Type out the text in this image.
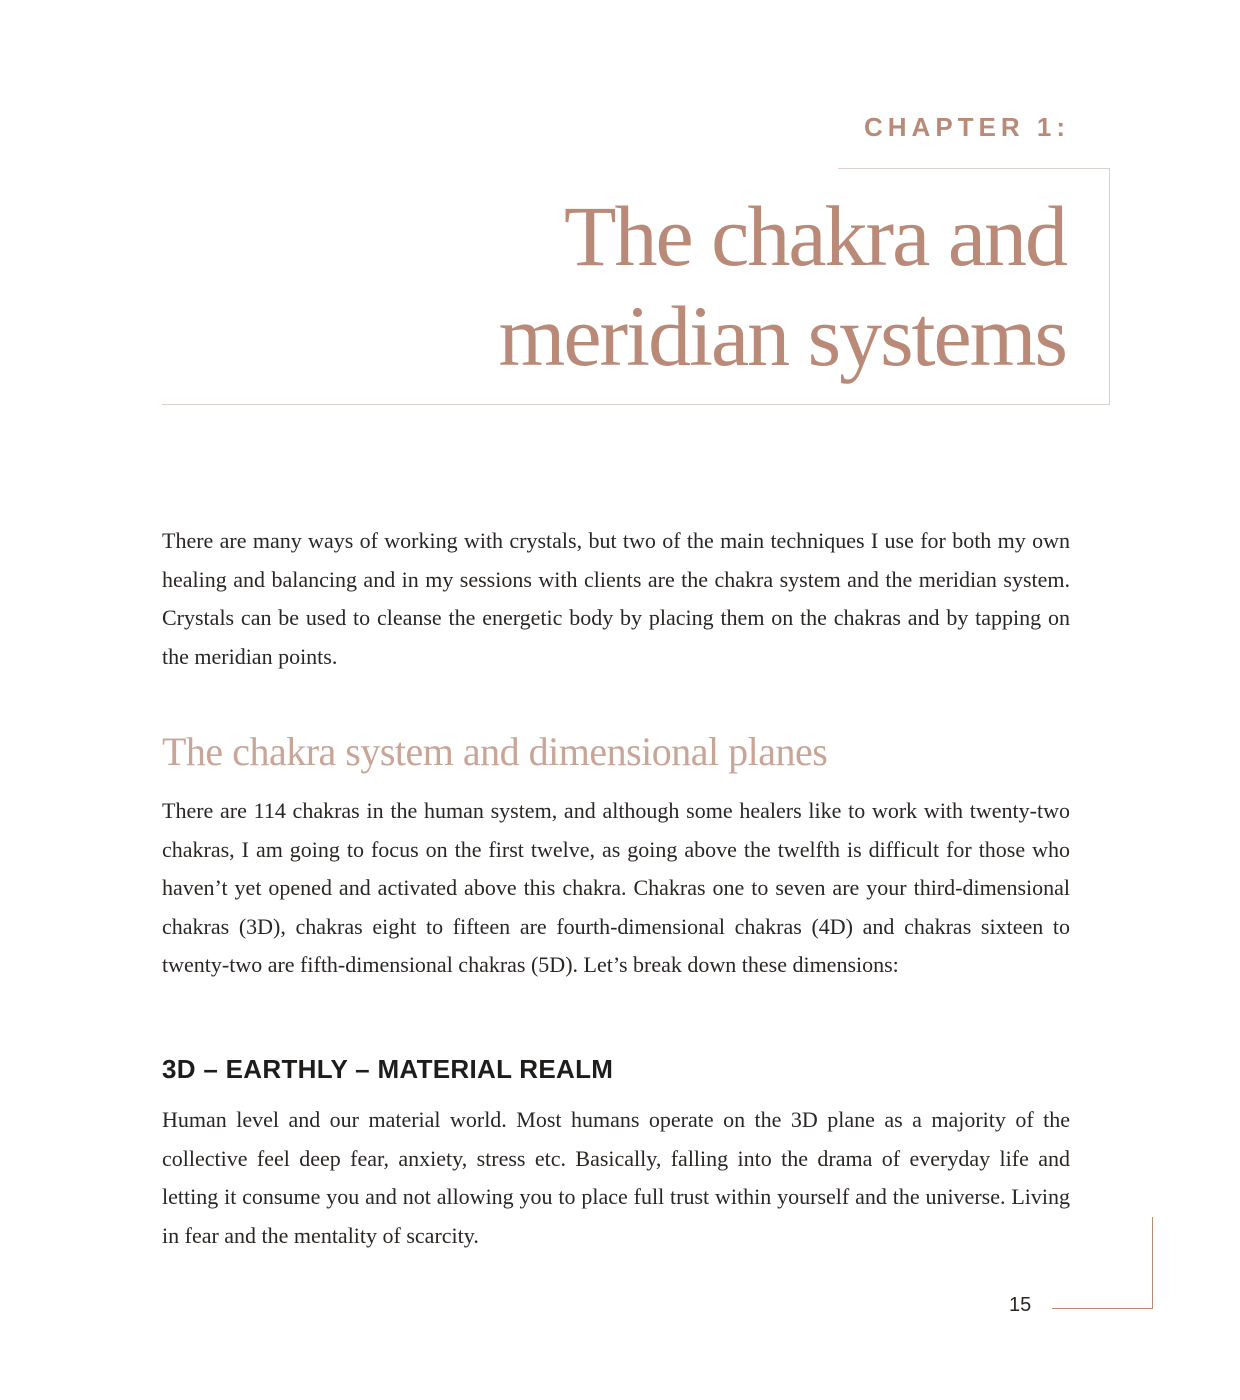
CHAPTER 1:
The chakra and
meridian systems

There are many ways of working with crystals, but two of the main techniques I use for both my own healing and balancing and in my sessions with clients are the chakra system and the meridian system. Crystals can be used to cleanse the energetic body by placing them on the chakras and by tapping on the meridian points.

The chakra system and dimensional planes

There are 114 chakras in the human system, and although some healers like to work with twenty-two chakras, I am going to focus on the first twelve, as going above the twelfth is difficult for those who haven’t yet opened and activated above this chakra. Chakras one to seven are your third-dimensional chakras (3D), chakras eight to fifteen are fourth-dimensional chakras (4D) and chakras sixteen to twenty-two are fifth-dimensional chakras (5D). Let’s break down these dimensions:

3D – EARTHLY – MATERIAL REALM

Human level and our material world. Most humans operate on the 3D plane as a majority of the collective feel deep fear, anxiety, stress etc. Basically, falling into the drama of everyday life and letting it consume you and not allowing you to place full trust within yourself and the universe. Living in fear and the mentality of scarcity.

15
